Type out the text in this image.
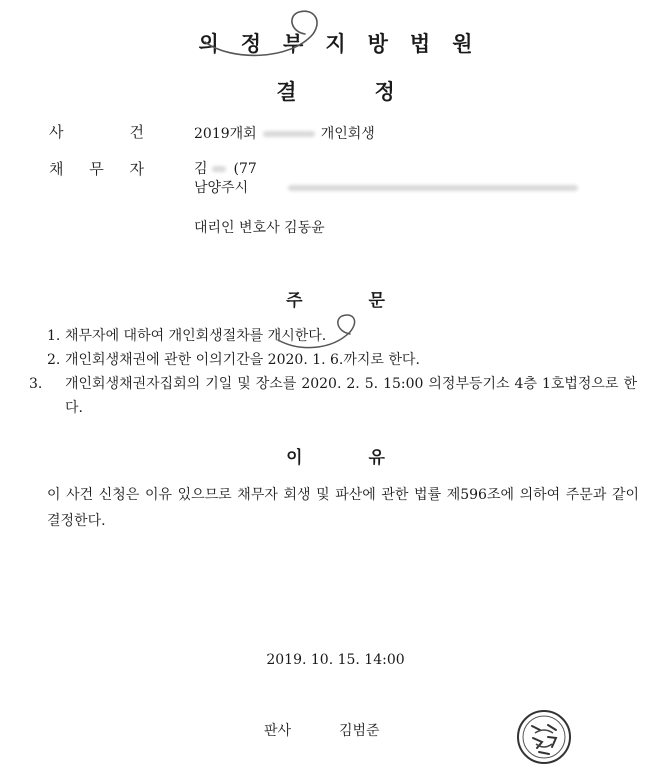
의정부지방법원
결정
사	건	2019개회	개인회생
채 무 자	김 (77
남양주시
대리인 변호사 김동윤
주문
1. 채무자에 대하여 개인회생절차를 개시한다.
2. 개인회생채권에 관한 이의기간을 2020. 1. 6.까지로 한다.
3. 개인회생채권자집회의 기일 및 장소를 2020. 2. 5. 15:00 의정부등기소 4층 1호법정으로 한다.
이유
이 사건 신청은 이유 있으므로 채무자 회생 및 파산에 관한 법률 제596조에 의하여 주문과 같이 결정한다.
2019. 10. 15. 14:00
판사	김범준
